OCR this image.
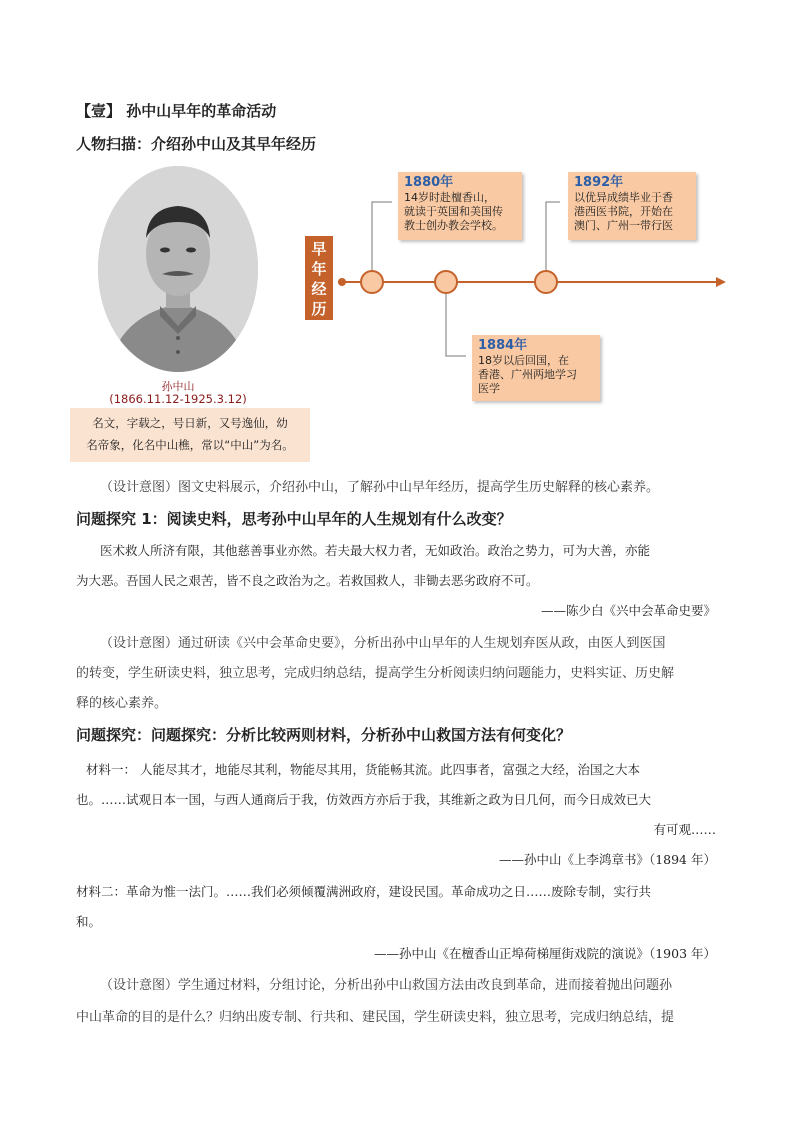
【壹】 孙中山早年的革命活动
人物扫描：介绍孙中山及其早年经历
孙中山
(1866.11.12-1925.3.12)
名文，字载之，号日新，又号逸仙，幼
名帝象，化名中山樵，常以“中山”为名。
早
年
经
历
1880年
14岁时赴檀香山，
就读于英国和美国传
教士创办教会学校。
1884年
18岁以后回国，在
香港、广州两地学习
医学
1892年
以优异成绩毕业于香
港西医书院，开始在
澳门、广州一带行医
（设计意图）图文史料展示，介绍孙中山，了解孙中山早年经历，提高学生历史解释的核心素养。
问题探究 1：阅读史料，思考孙中山早年的人生规划有什么改变？
医术救人所济有限，其他慈善事业亦然。若夫最大权力者，无如政治。政治之势力，可为大善，亦能
为大恶。吾国人民之艰苦，皆不良之政治为之。若救国救人，非锄去恶劣政府不可。
——陈少白《兴中会革命史要》
（设计意图）通过研读《兴中会革命史要》，分析出孙中山早年的人生规划弃医从政，由医人到医国
的转变，学生研读史料，独立思考，完成归纳总结，提高学生分析阅读归纳问题能力，史料实证、历史解
释的核心素养。
问题探究：问题探究：分析比较两则材料，分析孙中山救国方法有何变化？
材料一： 人能尽其才，地能尽其利，物能尽其用，货能畅其流。此四事者，富强之大经，治国之大本
也。……试观日本一国，与西人通商后于我，仿效西方亦后于我，其维新之政为日几何，而今日成效已大
有可观……
——孙中山《上李鸿章书》（1894 年）
材料二：革命为惟一法门。……我们必须倾覆满洲政府，建设民国。革命成功之日……废除专制，实行共
和。
——孙中山《在檀香山正埠荷梯厘街戏院的演说》（1903 年）
（设计意图）学生通过材料，分组讨论，分析出孙中山救国方法由改良到革命，进而接着抛出问题孙
中山革命的目的是什么？归纳出废专制、行共和、建民国，学生研读史料，独立思考，完成归纳总结，提
